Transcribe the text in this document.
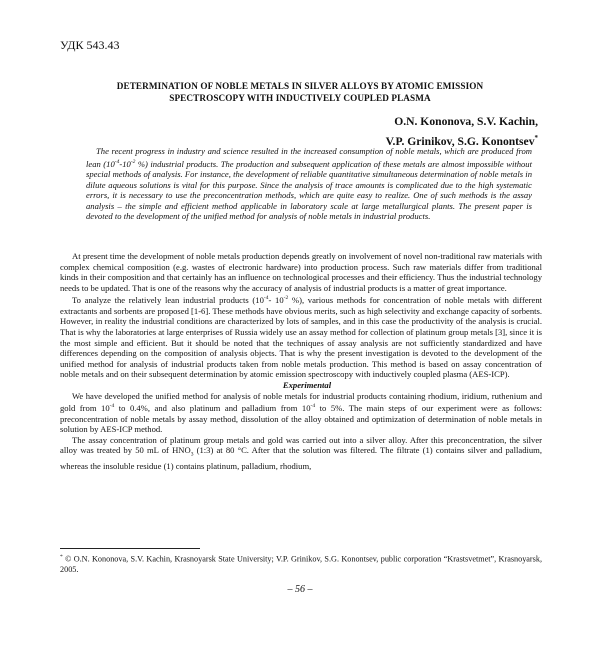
УДК 543.43
DETERMINATION OF NOBLE METALS IN SILVER ALLOYS BY ATOMIC EMISSION
SPECTROSCOPY WITH INDUCTIVELY COUPLED PLASMA
O.N. Kononova, S.V. Kachin,
V.P. Grinikov, S.G. Konontsev*
The recent progress in industry and science resulted in the increased consumption of noble metals, which are produced from lean ($10^{-4}-10^{-2}$ %) industrial products. The production and subsequent application of these metals are almost impossible without special methods of analysis. For instance, the development of reliable quantitative simultaneous determination of noble metals in dilute aqueous solutions is vital for this purpose. Since the analysis of trace amounts is complicated due to the high systematic errors, it is necessary to use the preconcentration methods, which are quite easy to realize. One of such methods is the assay analysis – the simple and efficient method applicable in laboratory scale at large metallurgical plants. The present paper is devoted to the development of the unified method for analysis of noble metals in industrial products.

At present time the development of noble metals production depends greatly on involvement of novel non-traditional raw materials with complex chemical composition (e.g. wastes of electronic hardware) into production process. Such raw materials differ from traditional kinds in their composition and that certainly has an influence on technological processes and their efficiency. Thus the industrial technology needs to be updated. That is one of the reasons why the accuracy of analysis of industrial products is a matter of great importance.

To analyze the relatively lean industrial products ($10^{-4}-$ $10^{-2}$ %), various methods for concentration of noble metals with different extractants and sorbents are proposed [1-6]. These methods have obvious merits, such as high selectivity and exchange capacity of sorbents. However, in reality the industrial conditions are characterized by lots of samples, and in this case the productivity of the analysis is crucial. That is why the laboratories at large enterprises of Russia widely use an assay method for collection of platinum group metals [3], since it is the most simple and efficient. But it should be noted that the techniques of assay analysis are not sufficiently standardized and have differences depending on the composition of analysis objects. That is why the present investigation is devoted to the development of the unified method for analysis of industrial products taken from noble metals production. This method is based on assay concentration of noble metals and on their subsequent determination by atomic emission spectroscopy with inductively coupled plasma (AES-ICP).

Experimental

We have developed the unified method for analysis of noble metals for industrial products containing rhodium, iridium, ruthenium and gold from $10^{-4}$ to 0.4%, and also platinum and palladium from $10^{-4}$ to 5%. The main steps of our experiment were as follows: preconcentration of noble metals by assay method, dissolution of the alloy obtained and optimization of determination of noble metals in solution by AES-ICP method.

The assay concentration of platinum group metals and gold was carried out into a silver alloy. After this preconcentration, the silver alloy was treated by 50 mL of $HNO_3$ (1:3) at 80 °C. After that the solution was filtered. The filtrate (1) contains silver and palladium, whereas the insoluble residue (1) contains platinum, palladium, rhodium,

* © O.N. Kononova, S.V. Kachin, Krasnoyarsk State University; V.P. Grinikov, S.G. Konontsev, public corporation “Krastsvetmet”, Krasnoyarsk, 2005.
– 56 –
